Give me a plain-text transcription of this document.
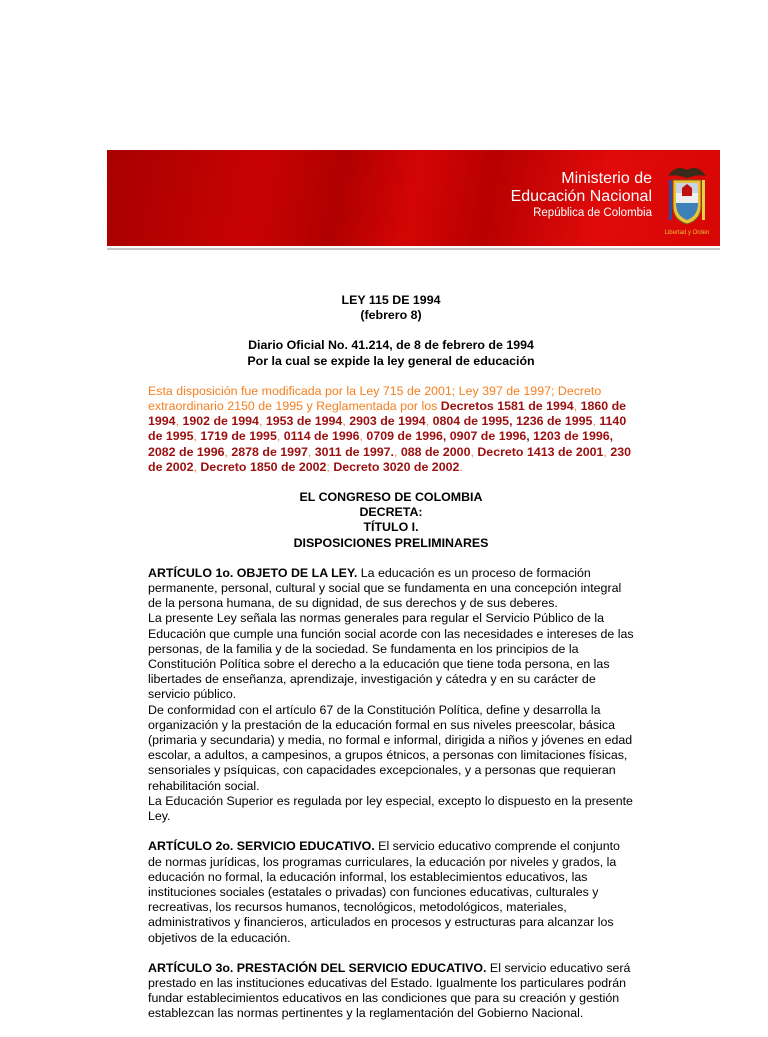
Ministerio de
Educación Nacional
República de Colombia
Libertad y Orden

LEY 115 DE 1994
(febrero 8)

Diario Oficial No. 41.214, de 8 de febrero de 1994
Por la cual se expide la ley general de educación

Esta disposición fue modificada por la Ley 715 de 2001; Ley 397 de 1997; Decreto extraordinario 2150 de 1995 y Reglamentada por los Decretos 1581 de 1994, 1860 de 1994, 1902 de 1994, 1953 de 1994, 2903 de 1994, 0804 de 1995, 1236 de 1995, 1140 de 1995, 1719 de 1995, 0114 de 1996, 0709 de 1996, 0907 de 1996, 1203 de 1996, 2082 de 1996, 2878 de 1997, 3011 de 1997., 088 de 2000, Decreto 1413 de 2001, 230 de 2002, Decreto 1850 de 2002; Decreto 3020 de 2002.

EL CONGRESO DE COLOMBIA
DECRETA:
TÍTULO I.
DISPOSICIONES PRELIMINARES

ARTÍCULO 1o. OBJETO DE LA LEY. La educación es un proceso de formación permanente, personal, cultural y social que se fundamenta en una concepción integral de la persona humana, de su dignidad, de sus derechos y de sus deberes.
La presente Ley señala las normas generales para regular el Servicio Público de la Educación que cumple una función social acorde con las necesidades e intereses de las personas, de la familia y de la sociedad. Se fundamenta en los principios de la Constitución Política sobre el derecho a la educación que tiene toda persona, en las libertades de enseñanza, aprendizaje, investigación y cátedra y en su carácter de servicio público.
De conformidad con el artículo 67 de la Constitución Política, define y desarrolla la organización y la prestación de la educación formal en sus niveles preescolar, básica (primaria y secundaria) y media, no formal e informal, dirigida a niños y jóvenes en edad escolar, a adultos, a campesinos, a grupos étnicos, a personas con limitaciones físicas, sensoriales y psíquicas, con capacidades excepcionales, y a personas que requieran rehabilitación social.
La Educación Superior es regulada por ley especial, excepto lo dispuesto en la presente Ley.

ARTÍCULO 2o. SERVICIO EDUCATIVO. El servicio educativo comprende el conjunto de normas jurídicas, los programas curriculares, la educación por niveles y grados, la educación no formal, la educación informal, los establecimientos educativos, las instituciones sociales (estatales o privadas) con funciones educativas, culturales y recreativas, los recursos humanos, tecnológicos, metodológicos, materiales, administrativos y financieros, articulados en procesos y estructuras para alcanzar los objetivos de la educación.

ARTÍCULO 3o. PRESTACIÓN DEL SERVICIO EDUCATIVO. El servicio educativo será prestado en las instituciones educativas del Estado. Igualmente los particulares podrán fundar establecimientos educativos en las condiciones que para su creación y gestión establezcan las normas pertinentes y la reglamentación del Gobierno Nacional.
